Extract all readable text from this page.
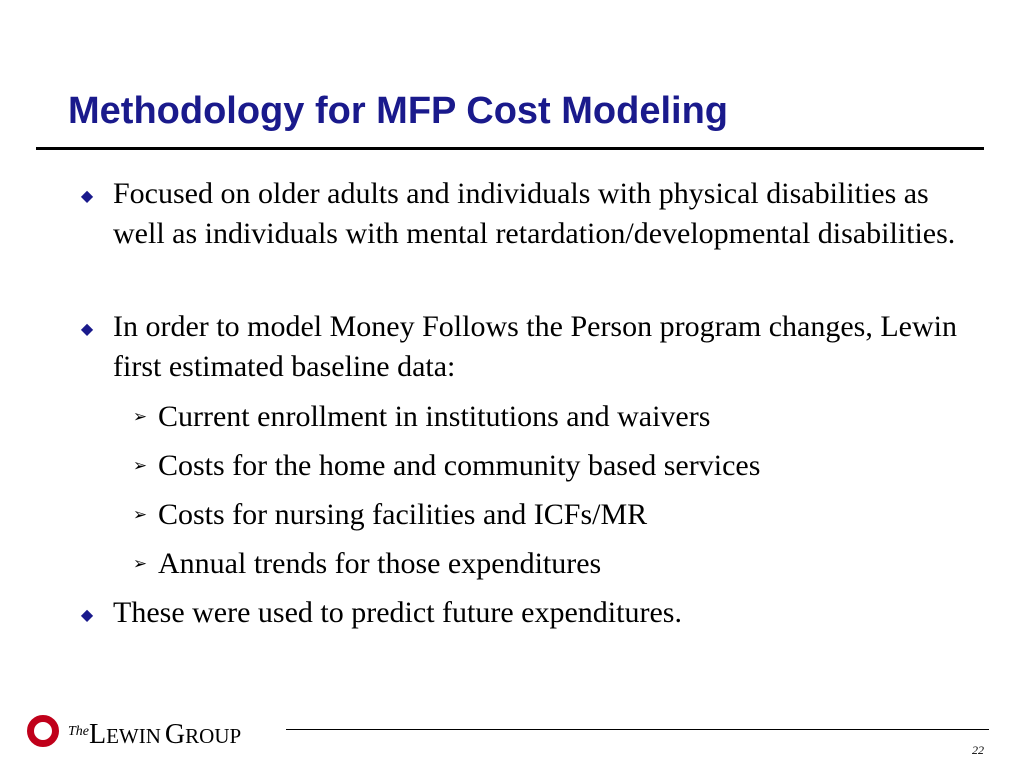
Methodology for MFP Cost Modeling
◆ Focused on older adults and individuals with physical disabilities as well as individuals with mental retardation/developmental disabilities.
◆ In order to model Money Follows the Person program changes, Lewin first estimated baseline data:
➢ Current enrollment in institutions and waivers
➢ Costs for the home and community based services
➢ Costs for nursing facilities and ICFs/MR
➢ Annual trends for those expenditures
◆ These were used to predict future expenditures.
TheLEWIN GROUP
22
